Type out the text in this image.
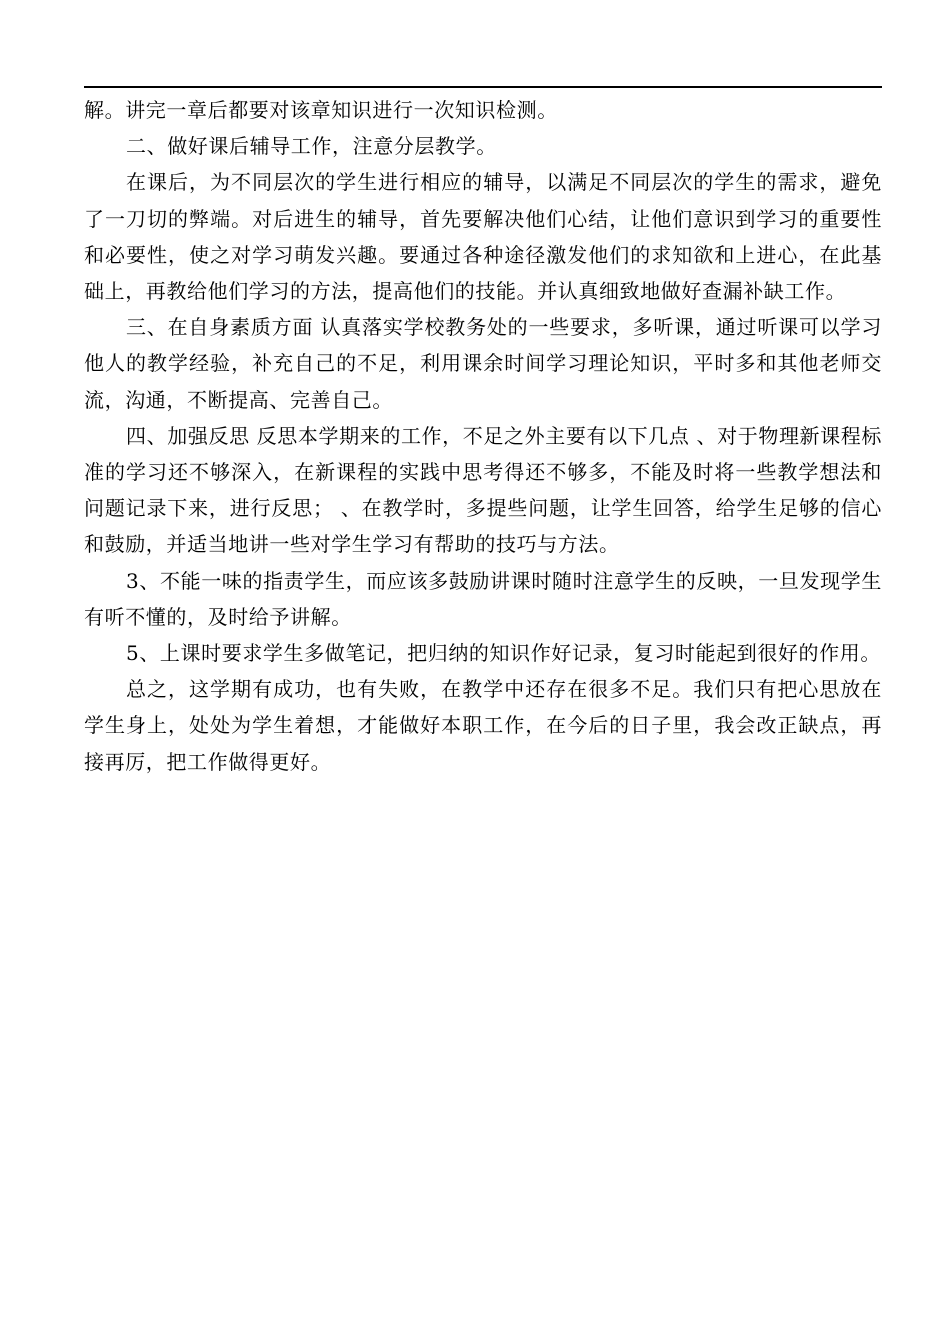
解。讲完一章后都要对该章知识进行一次知识检测。

二、做好课后辅导工作，注意分层教学。

在课后，为不同层次的学生进行相应的辅导，以满足不同层次的学生的需求，避免了一刀切的弊端。对后进生的辅导，首先要解决他们心结，让他们意识到学习的重要性和必要性，使之对学习萌发兴趣。要通过各种途径激发他们的求知欲和上进心，在此基础上，再教给他们学习的方法，提高他们的技能。并认真细致地做好查漏补缺工作。

三、在自身素质方面 认真落实学校教务处的一些要求，多听课，通过听课可以学习他人的教学经验，补充自己的不足，利用课余时间学习理论知识，平时多和其他老师交流，沟通，不断提高、完善自己。

四、加强反思 反思本学期来的工作，不足之外主要有以下几点 、对于物理新课程标准的学习还不够深入，在新课程的实践中思考得还不够多，不能及时将一些教学想法和问题记录下来，进行反思； 、在教学时，多提些问题，让学生回答，给学生足够的信心和鼓励，并适当地讲一些对学生学习有帮助的技巧与方法。

3、不能一味的指责学生，而应该多鼓励讲课时随时注意学生的反映，一旦发现学生有听不懂的，及时给予讲解。

5、上课时要求学生多做笔记，把归纳的知识作好记录，复习时能起到很好的作用。

总之，这学期有成功，也有失败，在教学中还存在很多不足。我们只有把心思放在学生身上，处处为学生着想，才能做好本职工作，在今后的日子里，我会改正缺点，再接再厉，把工作做得更好。
